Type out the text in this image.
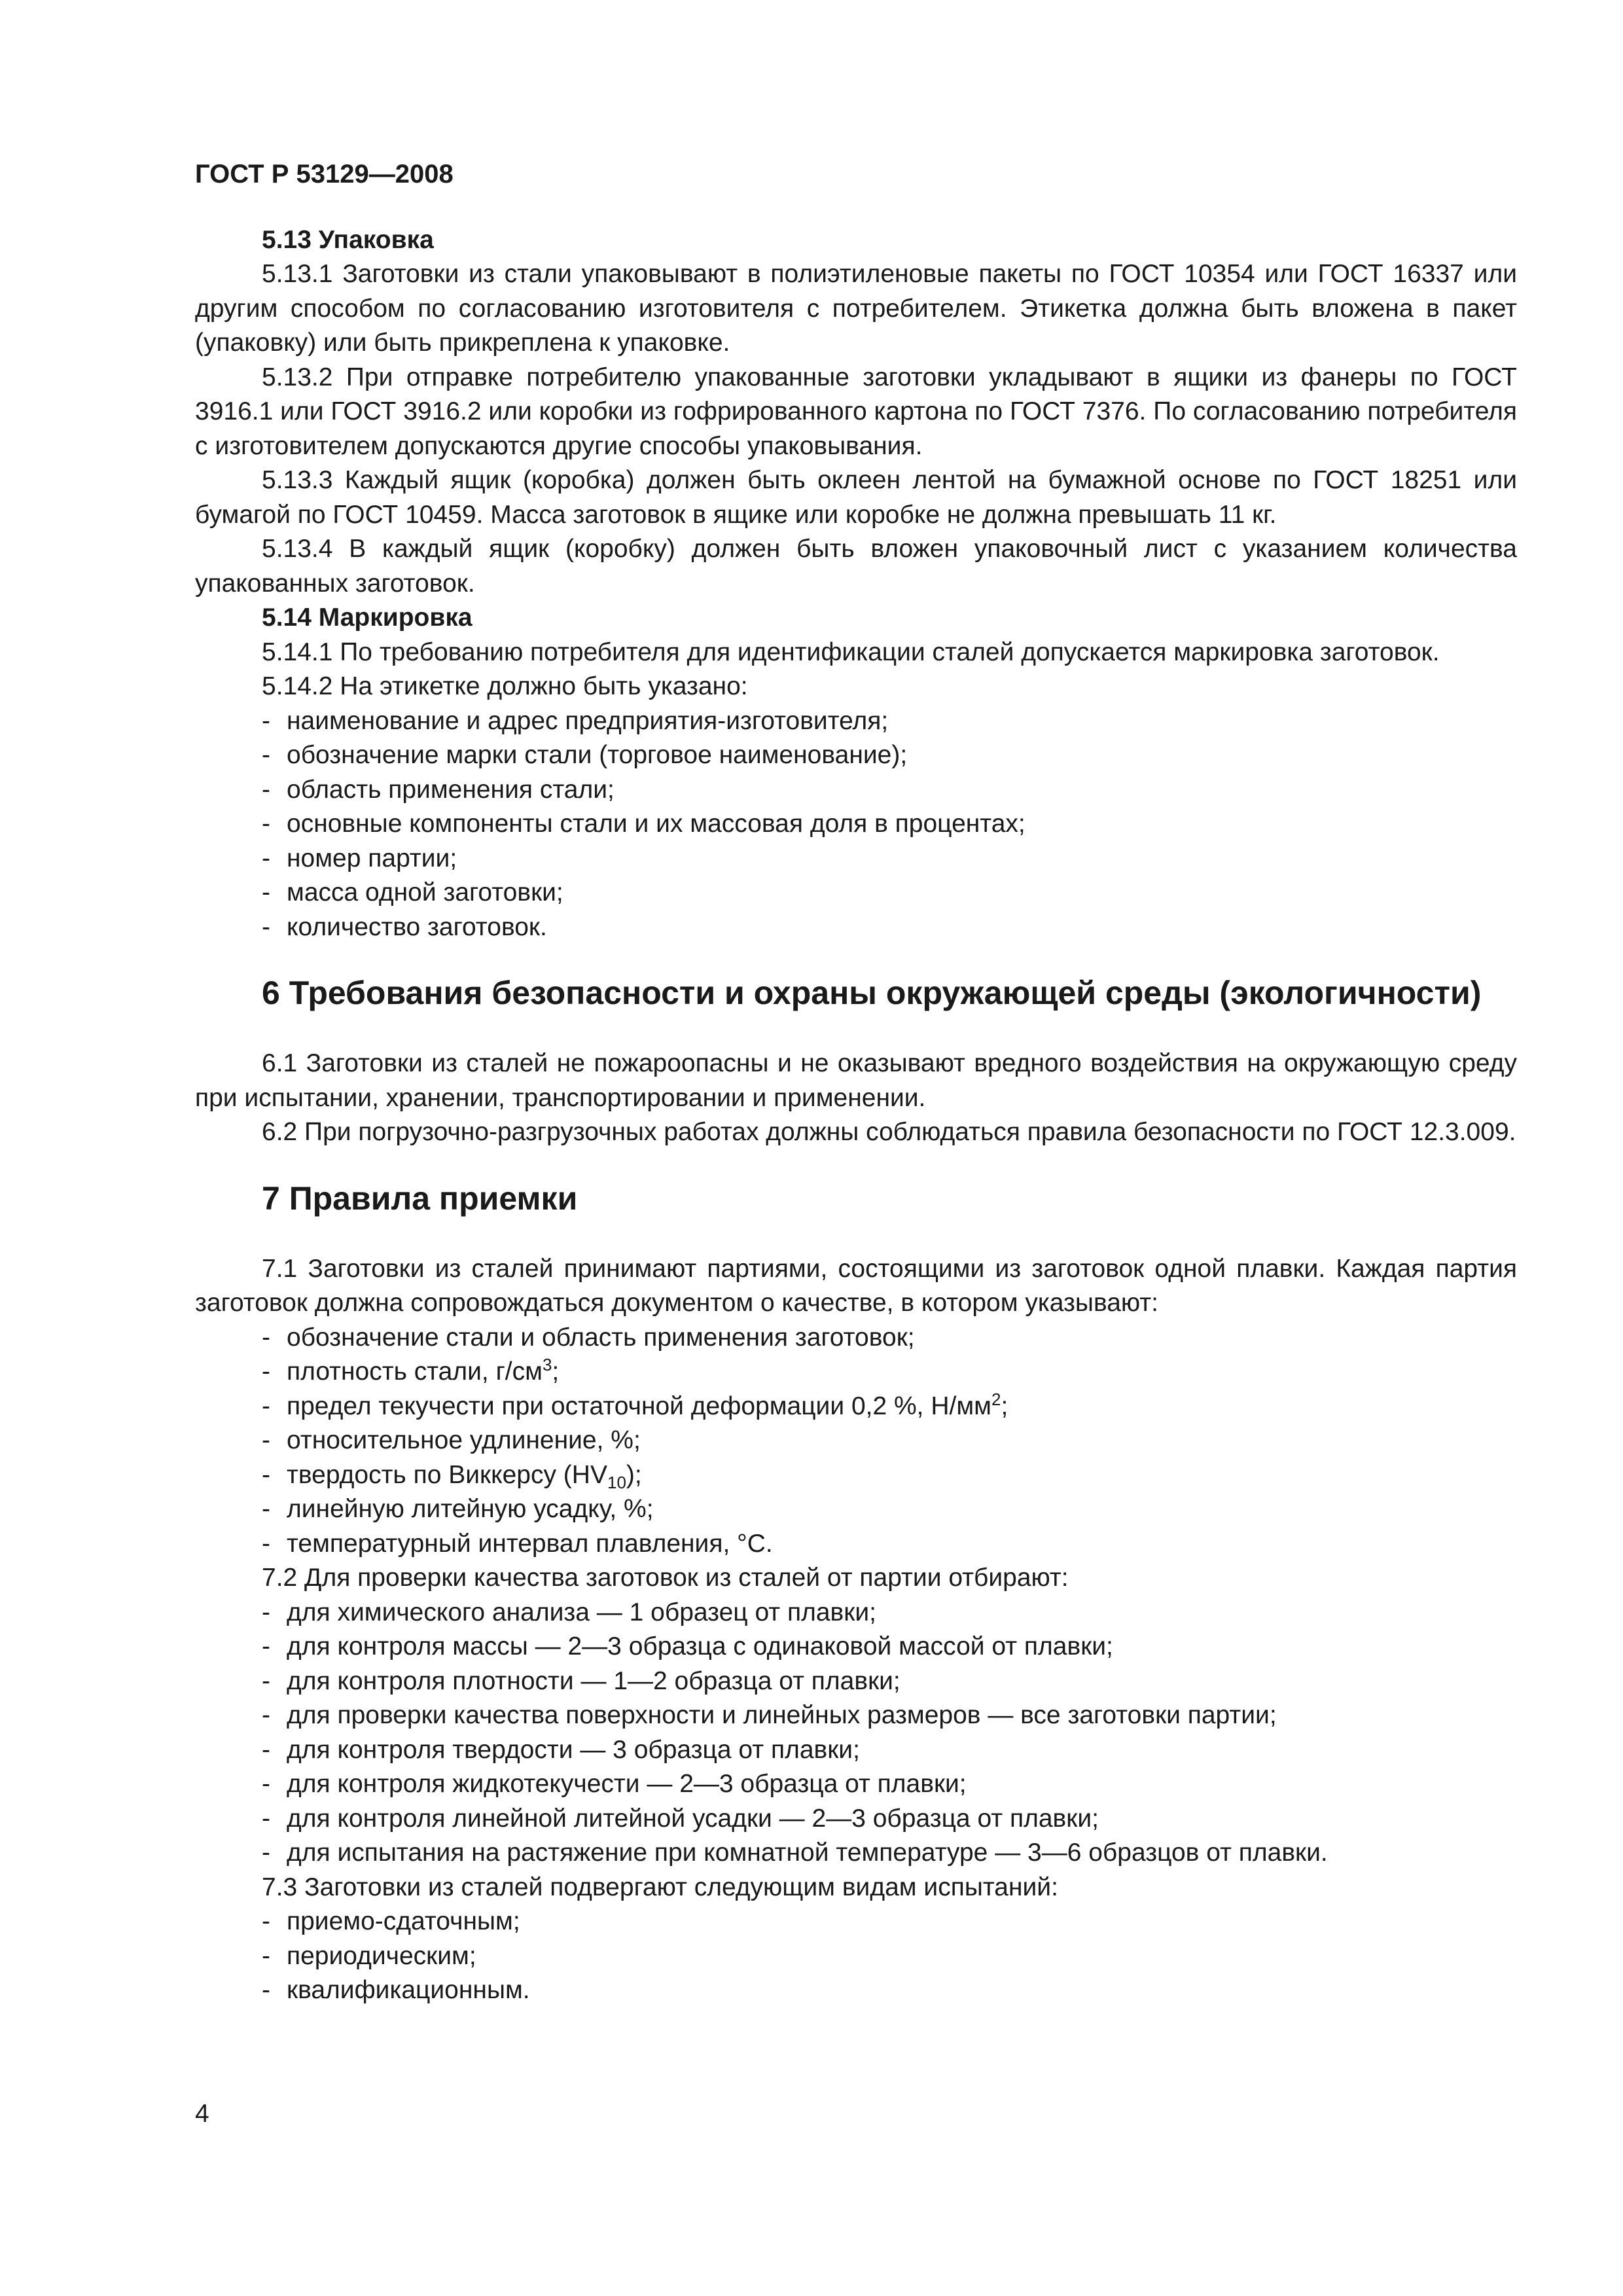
ГОСТ Р 53129—2008
5.13 Упаковка

5.13.1 Заготовки из стали упаковывают в полиэтиленовые пакеты по ГОСТ 10354 или ГОСТ 16337 или другим способом по согласованию изготовителя с потребителем. Этикетка должна быть вложена в пакет (упаковку) или быть прикреплена к упаковке.

5.13.2 При отправке потребителю упакованные заготовки укладывают в ящики из фанеры по ГОСТ 3916.1 или ГОСТ 3916.2 или коробки из гофрированного картона по ГОСТ 7376. По согласованию потребителя с изготовителем допускаются другие способы упаковывания.

5.13.3 Каждый ящик (коробка) должен быть оклеен лентой на бумажной основе по ГОСТ 18251 или бумагой по ГОСТ 10459. Масса заготовок в ящике или коробке не должна превышать 11 кг.

5.13.4 В каждый ящик (коробку) должен быть вложен упаковочный лист с указанием количества упакованных заготовок.

5.14 Маркировка

5.14.1 По требованию потребителя для идентификации сталей допускается маркировка заготовок.

5.14.2 На этикетке должно быть указано:

- наименование и адрес предприятия-изготовителя;
- обозначение марки стали (торговое наименование);
- область применения стали;
- основные компоненты стали и их массовая доля в процентах;
- номер партии;
- масса одной заготовки;
- количество заготовок.
6 Требования безопасности и охраны окружающей среды (экологичности)

6.1 Заготовки из сталей не пожароопасны и не оказывают вредного воздействия на окружающую среду при испытании, хранении, транспортировании и применении.

6.2 При погрузочно-разгрузочных работах должны соблюдаться правила безопасности по ГОСТ 12.3.009.

7 Правила приемки

7.1 Заготовки из сталей принимают партиями, состоящими из заготовок одной плавки. Каждая партия заготовок должна сопровождаться документом о качестве, в котором указывают:

- обозначение стали и область применения заготовок;
- плотность стали, $г/см^3$;
- предел текучести при остаточной деформации 0,2 %, $Н/мм^2$;
- относительное удлинение, %;
- твердость по Виккерсу $(HV_{10})$;
- линейную литейную усадку, %;
- температурный интервал плавления, °С.
7.2 Для проверки качества заготовок из сталей от партии отбирают:
- для химического анализа — 1 образец от плавки;
- для контроля массы — 2—3 образца с одинаковой массой от плавки;
- для контроля плотности — 1—2 образца от плавки;
- для проверки качества поверхности и линейных размеров — все заготовки партии;
- для контроля твердости — 3 образца от плавки;
- для контроля жидкотекучести — 2—3 образца от плавки;
- для контроля линейной литейной усадки — 2—3 образца от плавки;
- для испытания на растяжение при комнатной температуре — 3—6 образцов от плавки.
7.3 Заготовки из сталей подвергают следующим видам испытаний:
- приемо-сдаточным;
- периодическим;
- квалификационным.
4
